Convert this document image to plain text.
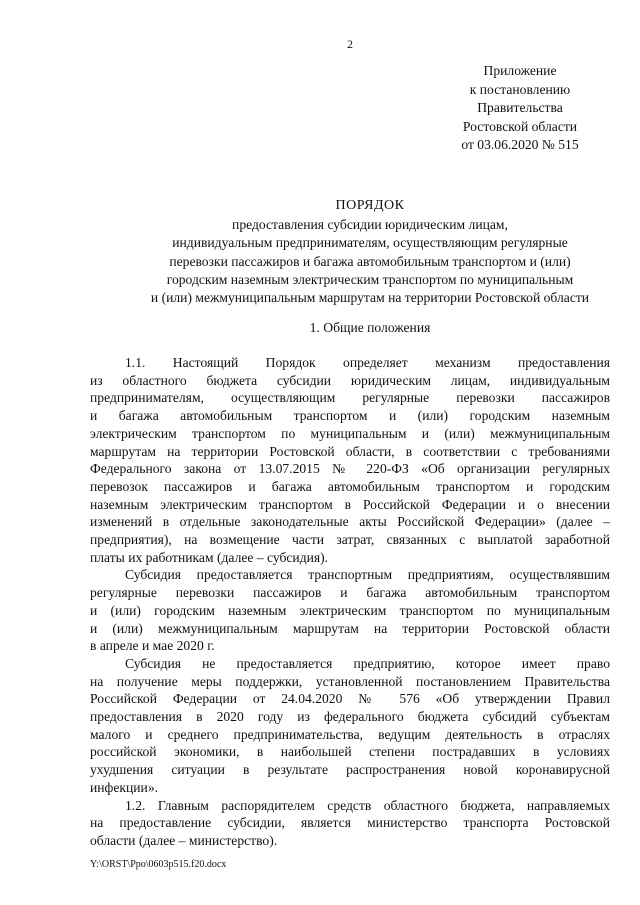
2
Приложение
к постановлению
Правительства
Ростовской области
от 03.06.2020 № 515
ПОРЯДОК
предоставления субсидии юридическим лицам,
индивидуальным предпринимателям, осуществляющим регулярные
перевозки пассажиров и багажа автомобильным транспортом и (или)
городским наземным электрическим транспортом по муниципальным
и (или) межмуниципальным маршрутам на территории Ростовской области
1. Общие положения
1.1. Настоящий Порядок определяет механизм предоставления
из областного бюджета субсидии юридическим лицам, индивидуальным
предпринимателям, осуществляющим регулярные перевозки пассажиров
и багажа автомобильным транспортом и (или) городским наземным
электрическим транспортом по муниципальным и (или) межмуниципальным
маршрутам на территории Ростовской области, в соответствии с требованиями
Федерального закона от 13.07.2015 № 220-ФЗ «Об организации регулярных
перевозок пассажиров и багажа автомобильным транспортом и городским
наземным электрическим транспортом в Российской Федерации и о внесении
изменений в отдельные законодательные акты Российской Федерации» (далее –
предприятия), на возмещение части затрат, связанных с выплатой заработной
платы их работникам (далее – субсидия).
Субсидия предоставляется транспортным предприятиям, осуществлявшим
регулярные перевозки пассажиров и багажа автомобильным транспортом
и (или) городским наземным электрическим транспортом по муниципальным
и (или) межмуниципальным маршрутам на территории Ростовской области
в апреле и мае 2020 г.
Субсидия не предоставляется предприятию, которое имеет право
на получение меры поддержки, установленной постановлением Правительства
Российской Федерации от 24.04.2020 № 576 «Об утверждении Правил
предоставления в 2020 году из федерального бюджета субсидий субъектам
малого и среднего предпринимательства, ведущим деятельность в отраслях
российской экономики, в наибольшей степени пострадавших в условиях
ухудшения ситуации в результате распространения новой коронавирусной
инфекции».
1.2. Главным распорядителем средств областного бюджета, направляемых
на предоставление субсидии, является министерство транспорта Ростовской
области (далее – министерство).
Y:\ORST\Ppo\0603p515.f20.docx
